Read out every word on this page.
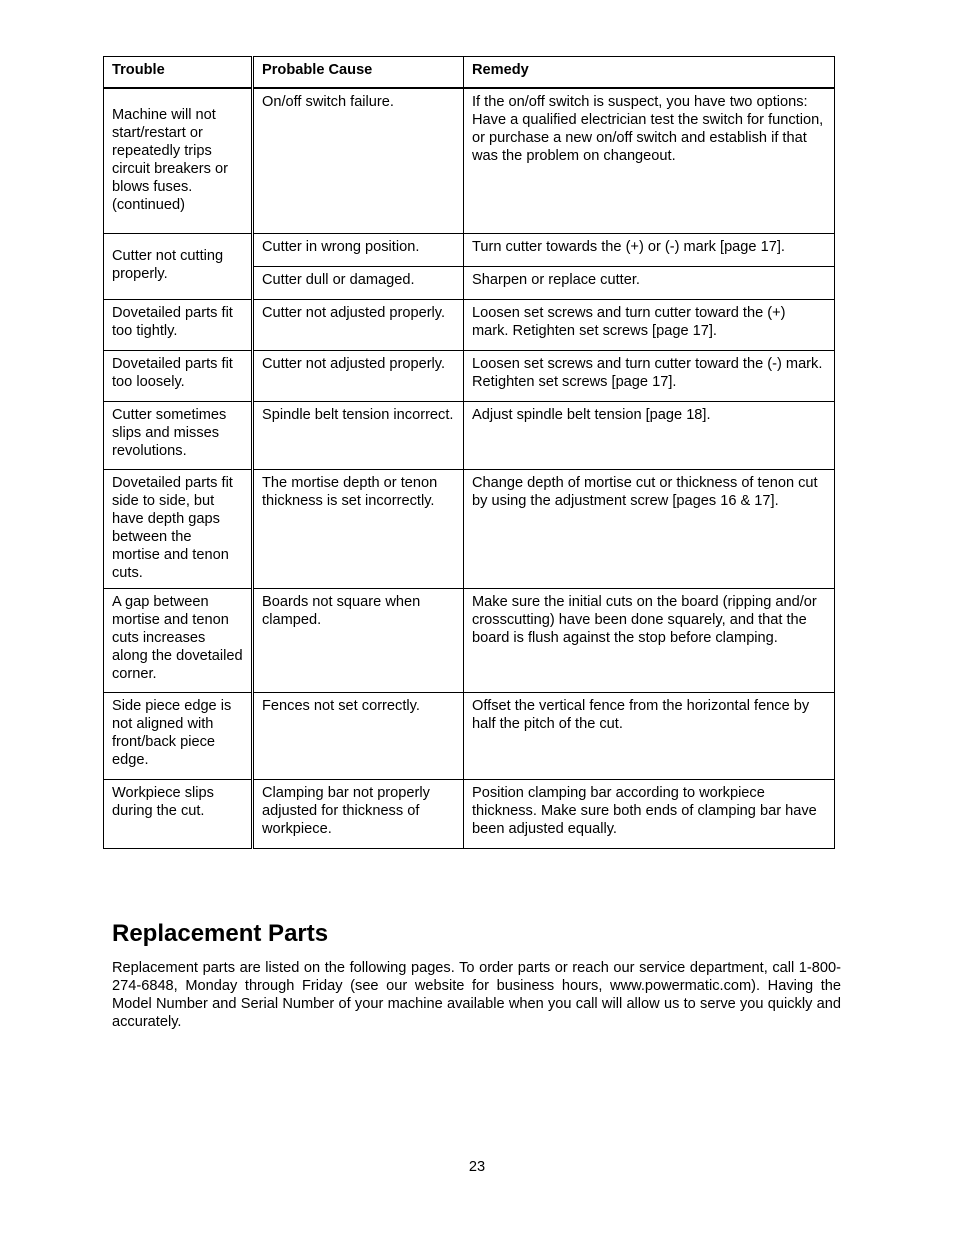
Trouble	Probable Cause	Remedy
Machine will not start/restart or repeatedly trips circuit breakers or blows fuses. (continued)	On/off switch failure.	If the on/off switch is suspect, you have two options: Have a qualified electrician test the switch for function, or purchase a new on/off switch and establish if that was the problem on changeout.
Cutter not cutting properly.	Cutter in wrong position.	Turn cutter towards the (+) or (-) mark [page 17].
	Cutter dull or damaged.	Sharpen or replace cutter.
Dovetailed parts fit too tightly.	Cutter not adjusted properly.	Loosen set screws and turn cutter toward the (+) mark. Retighten set screws [page 17].
Dovetailed parts fit too loosely.	Cutter not adjusted properly.	Loosen set screws and turn cutter toward the (-) mark. Retighten set screws [page 17].
Cutter sometimes slips and misses revolutions.	Spindle belt tension incorrect.	Adjust spindle belt tension [page 18].
Dovetailed parts fit side to side, but have depth gaps between the mortise and tenon cuts.	The mortise depth or tenon thickness is set incorrectly.	Change depth of mortise cut or thickness of tenon cut by using the adjustment screw [pages 16 & 17].
A gap between mortise and tenon cuts increases along the dovetailed corner.	Boards not square when clamped.	Make sure the initial cuts on the board (ripping and/or crosscutting) have been done squarely, and that the board is flush against the stop before clamping.
Side piece edge is not aligned with front/back piece edge.	Fences not set correctly.	Offset the vertical fence from the horizontal fence by half the pitch of the cut.
Workpiece slips during the cut.	Clamping bar not properly adjusted for thickness of workpiece.	Position clamping bar according to workpiece thickness. Make sure both ends of clamping bar have been adjusted equally.
Replacement Parts

Replacement parts are listed on the following pages. To order parts or reach our service department, call 1-800-274-6848, Monday through Friday (see our website for business hours, www.powermatic.com). Having the Model Number and Serial Number of your machine available when you call will allow us to serve you quickly and accurately.

23
